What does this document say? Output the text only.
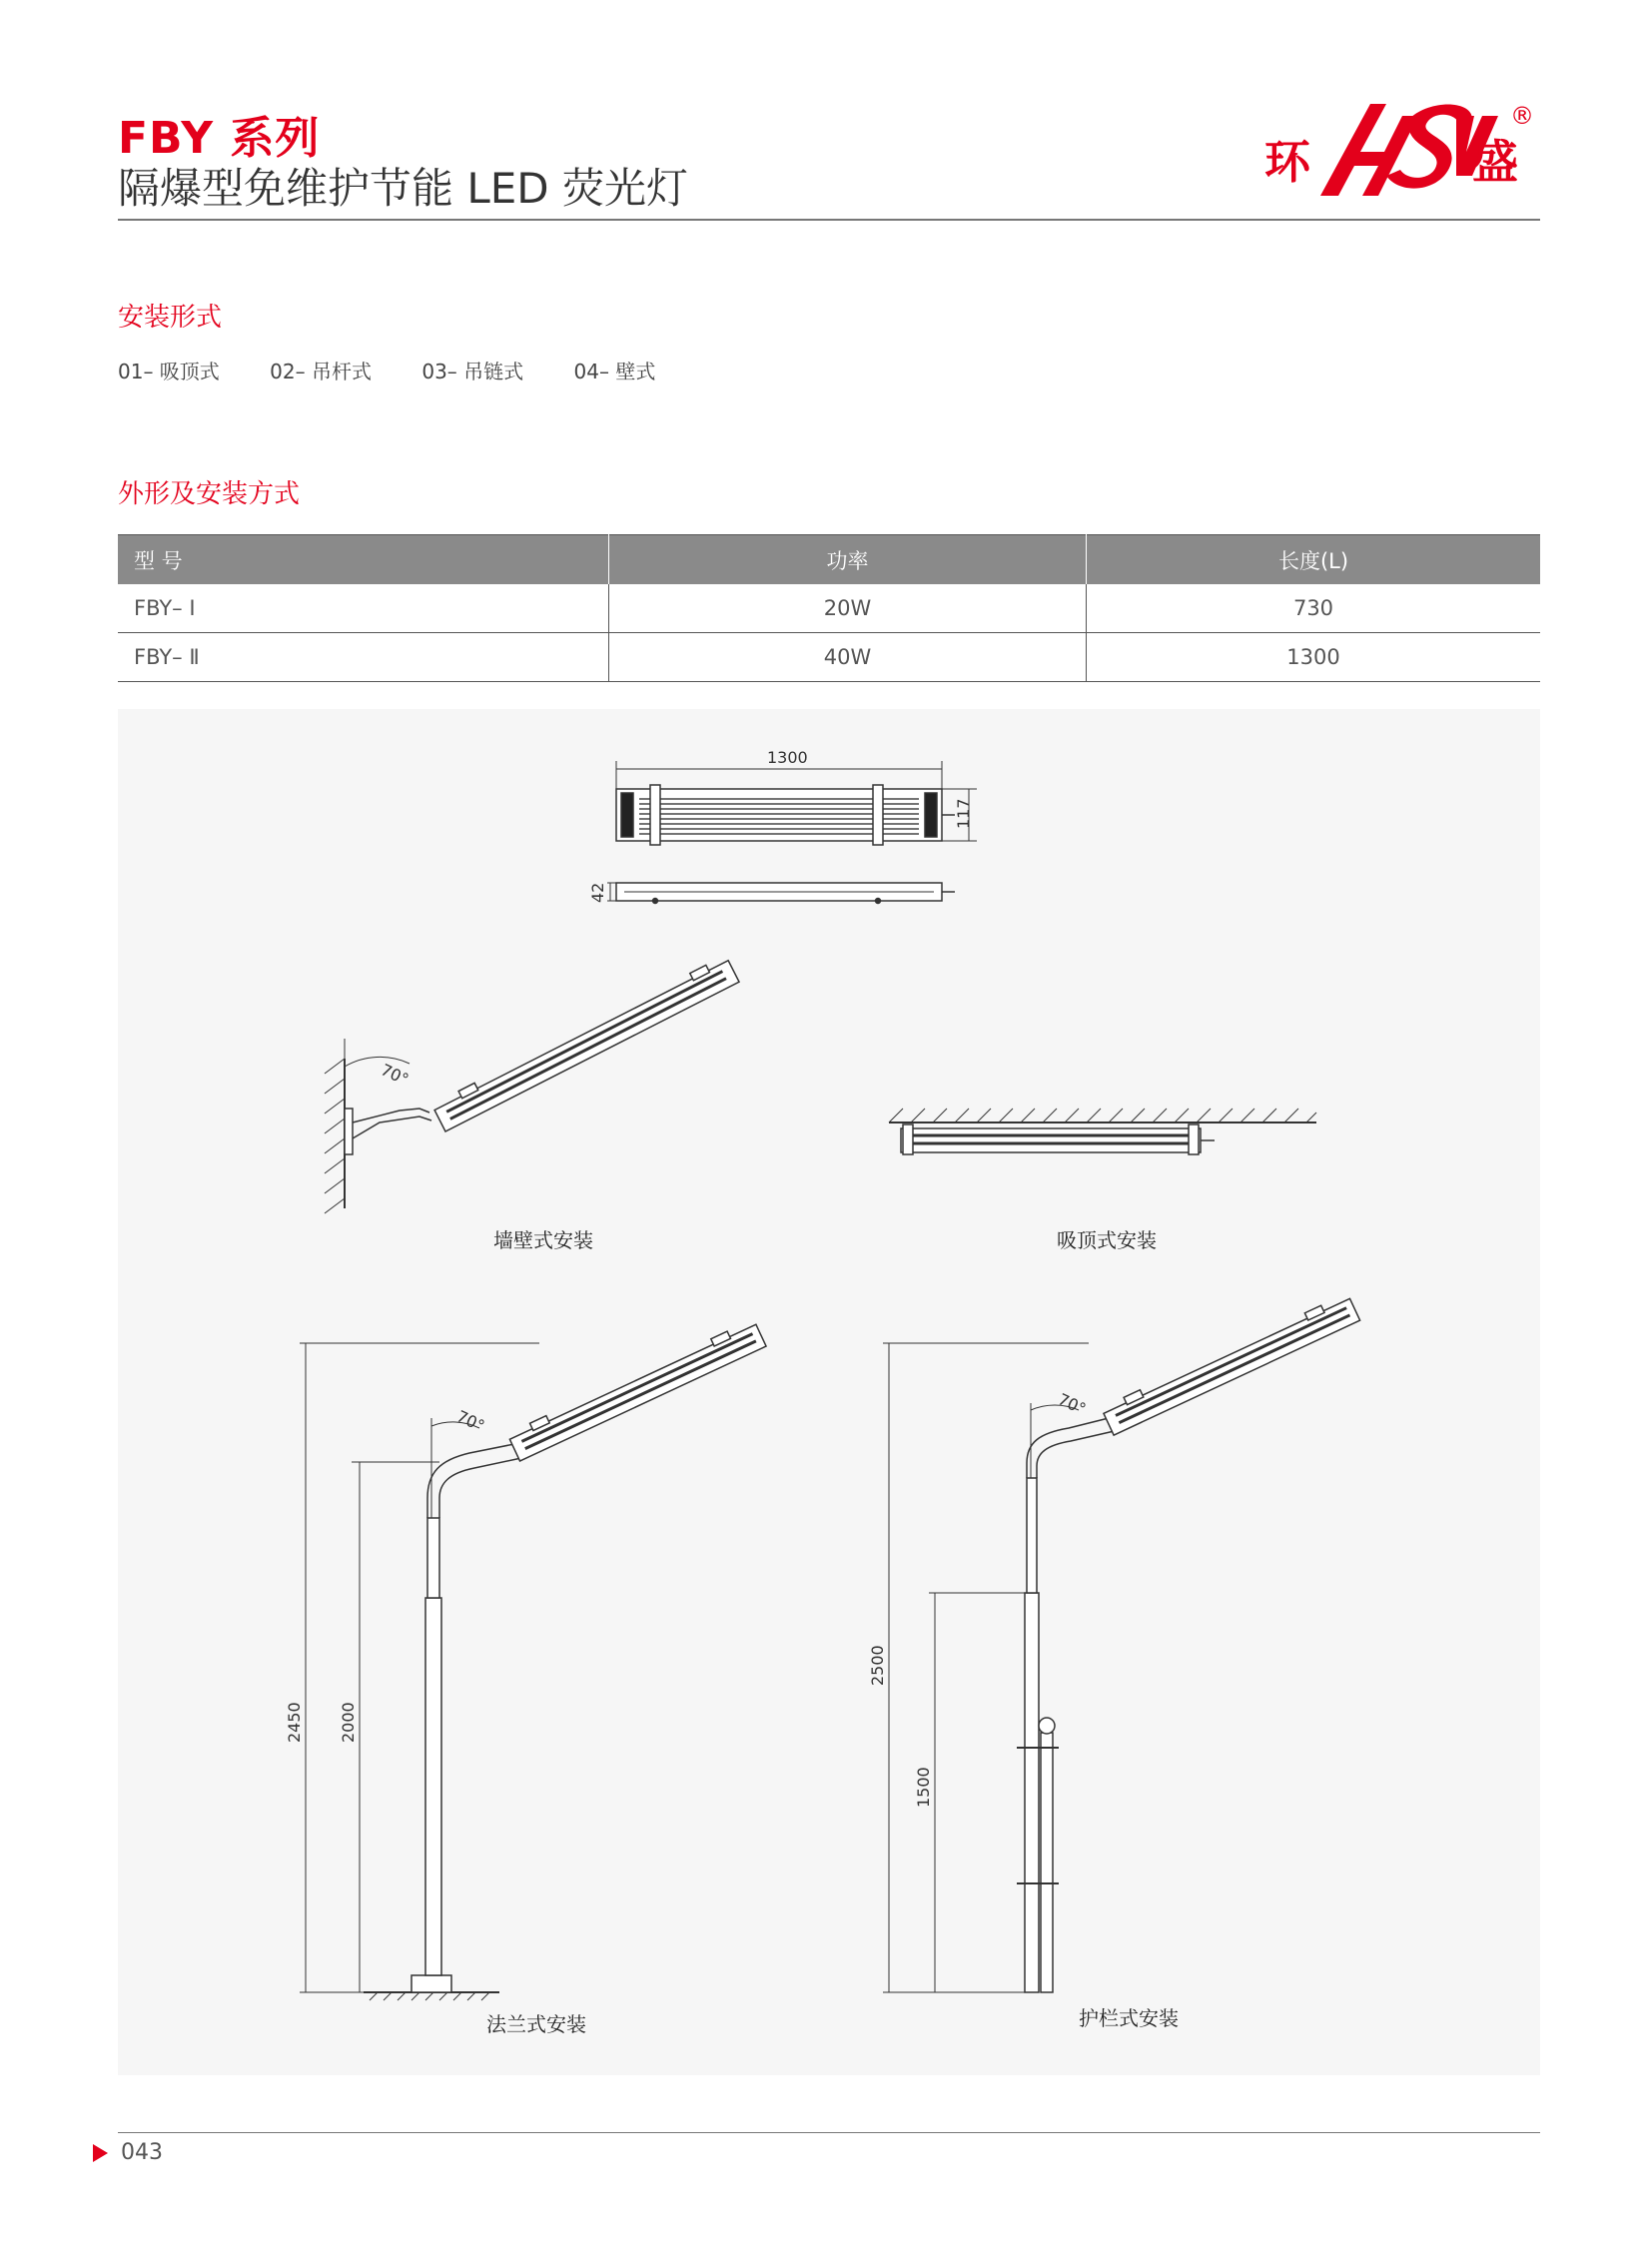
FBY 系列
隔爆型免维护节能 LED 荧光灯	环	盛
®
安装形式
01– 吸顶式	02– 吊杆式	03– 吊链式	04– 壁式
外形及安装方式
型 号	功率	长度(L)
FBY– Ⅰ	20W	730
FBY– Ⅱ	40W	1300
1300
117
42
70°
70°
2450 2000
70°
2500
1500
墙壁式安装	吸顶式安装
法兰式安装	护栏式安装
043
